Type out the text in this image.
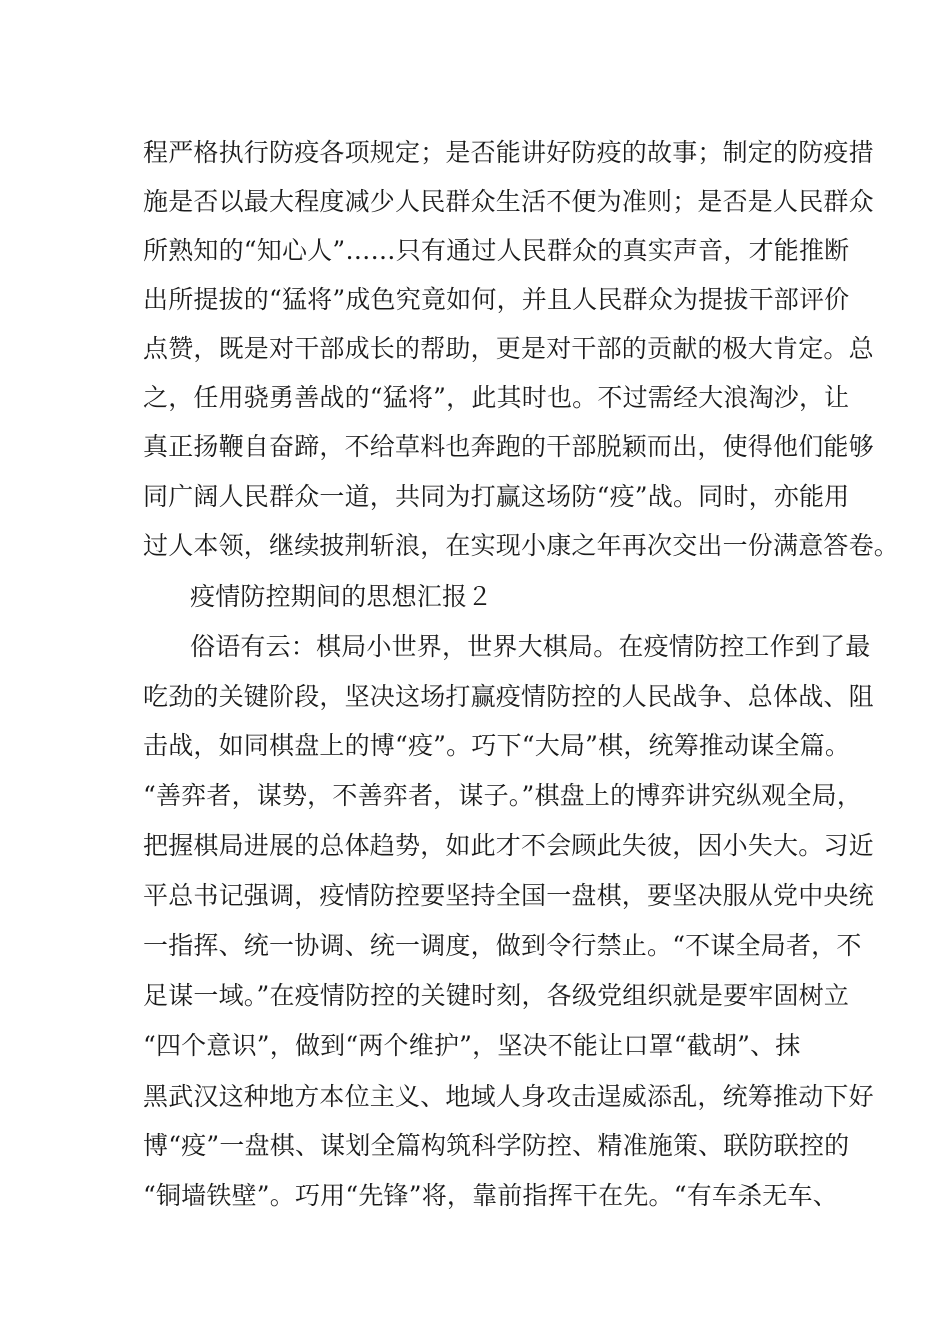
程严格执行防疫各项规定；是否能讲好防疫的故事；制定的防疫措
施是否以最大程度减少人民群众生活不便为准则；是否是人民群众
所熟知的“知心人”……只有通过人民群众的真实声音，才能推断
出所提拔的“猛将”成色究竟如何，并且人民群众为提拔干部评价
点赞，既是对干部成长的帮助，更是对干部的贡献的极大肯定。总
之，任用骁勇善战的“猛将”，此其时也。不过需经大浪淘沙，让
真正扬鞭自奋蹄，不给草料也奔跑的干部脱颖而出，使得他们能够
同广阔人民群众一道，共同为打赢这场防“疫”战。同时，亦能用
过人本领，继续披荆斩浪，在实现小康之年再次交出一份满意答卷。
疫情防控期间的思想汇报２
俗语有云：棋局小世界，世界大棋局。在疫情防控工作到了最
吃劲的关键阶段，坚决这场打赢疫情防控的人民战争、总体战、阻
击战，如同棋盘上的博“疫”。巧下“大局”棋，统筹推动谋全篇。
“善弈者，谋势，不善弈者，谋子。”棋盘上的博弈讲究纵观全局，
把握棋局进展的总体趋势，如此才不会顾此失彼，因小失大。习近
平总书记强调，疫情防控要坚持全国一盘棋，要坚决服从党中央统
一指挥、统一协调、统一调度，做到令行禁止。“不谋全局者，不
足谋一域。”在疫情防控的关键时刻，各级党组织就是要牢固树立
“四个意识”，做到“两个维护”，坚决不能让口罩“截胡”、抹
黑武汉这种地方本位主义、地域人身攻击逞威添乱，统筹推动下好
博“疫”一盘棋、谋划全篇构筑科学防控、精准施策、联防联控的
“铜墙铁壁”。巧用“先锋”将，靠前指挥干在先。“有车杀无车、
